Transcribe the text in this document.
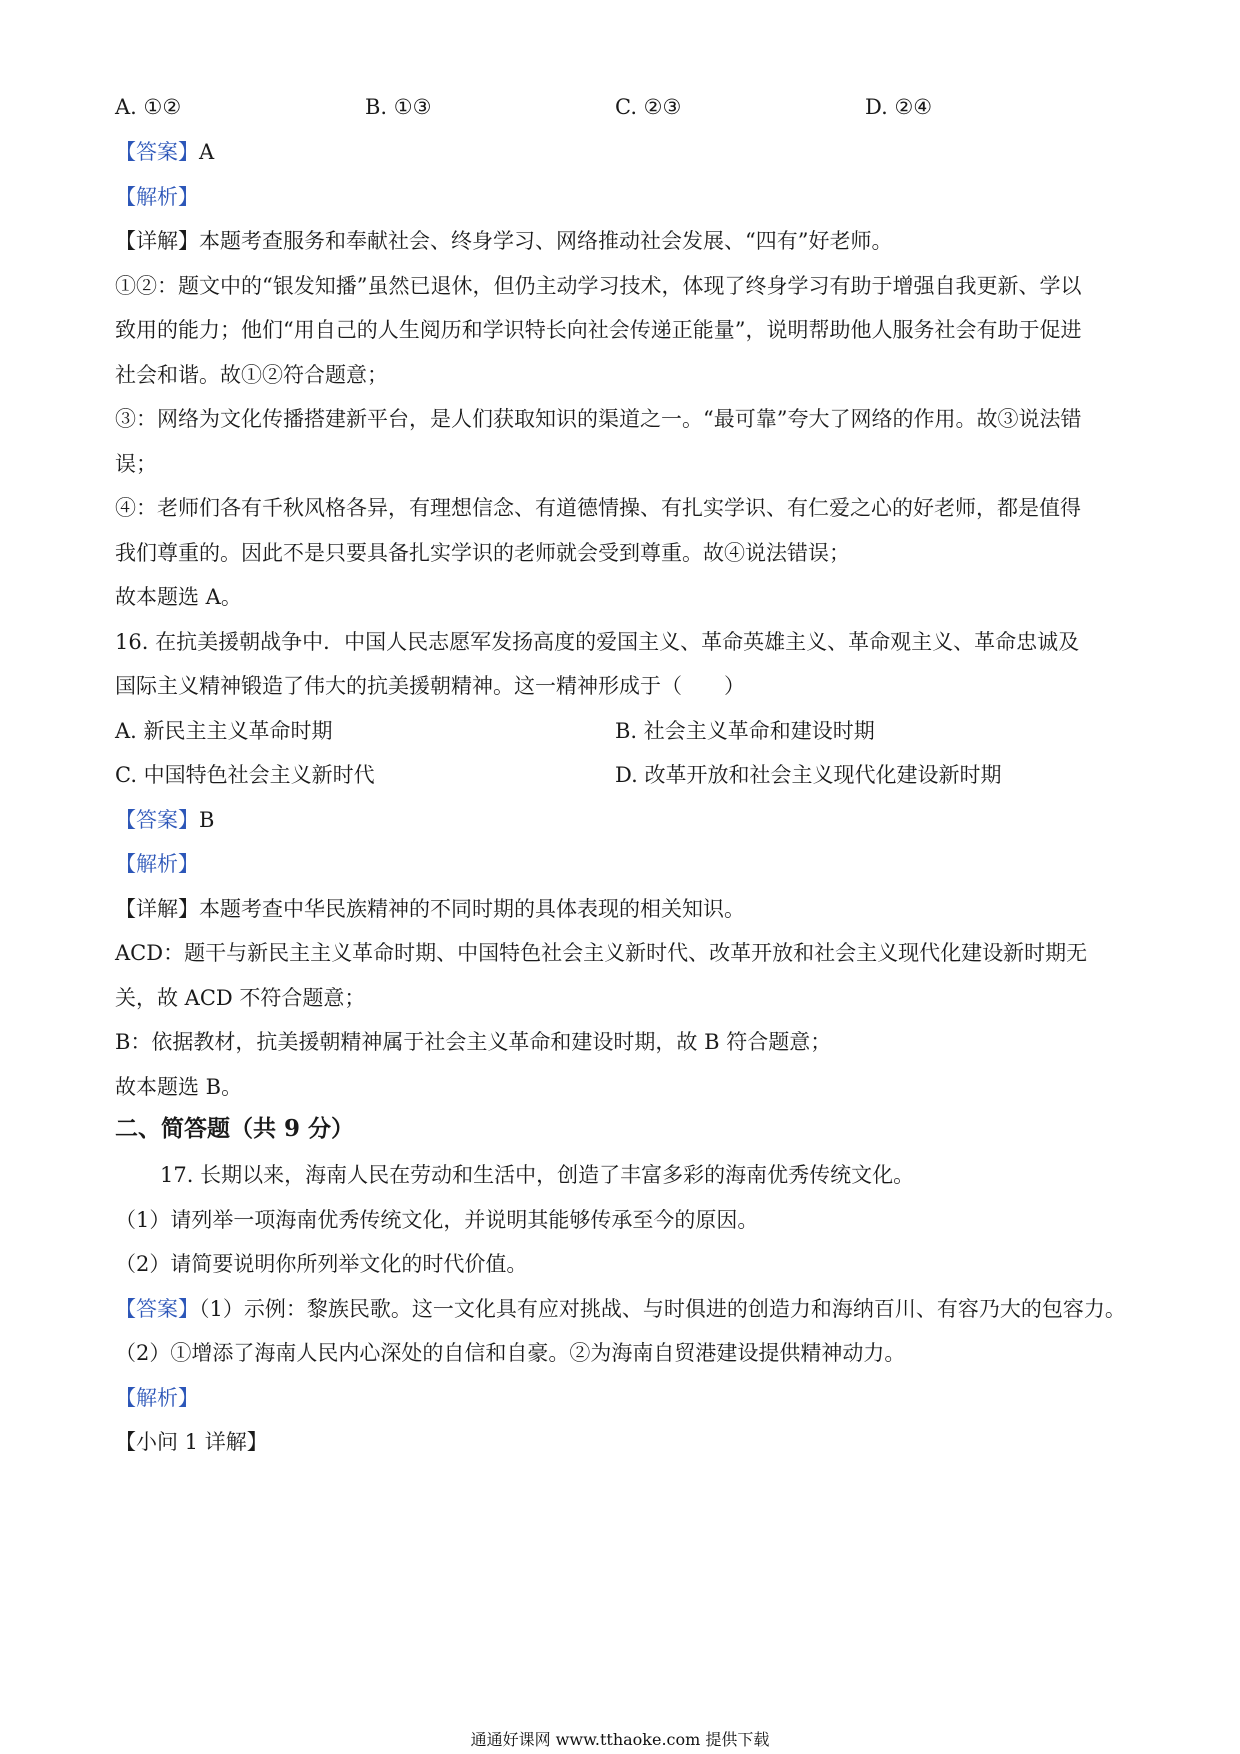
A. ①②	B. ①③	C. ②③	D. ②④
【答案】A
【解析】
【详解】本题考查服务和奉献社会、终身学习、网络推动社会发展、“四有”好老师。
①②：题文中的“银发知播”虽然已退休，但仍主动学习技术，体现了终身学习有助于增强自我更新、学以
致用的能力；他们“用自己的人生阅历和学识特长向社会传递正能量”，说明帮助他人服务社会有助于促进
社会和谐。故①②符合题意；
③：网络为文化传播搭建新平台，是人们获取知识的渠道之一。“最可靠”夸大了网络的作用。故③说法错
误；
④：老师们各有千秋风格各异，有理想信念、有道德情操、有扎实学识、有仁爱之心的好老师，都是值得
我们尊重的。因此不是只要具备扎实学识的老师就会受到尊重。故④说法错误；
故本题选 A。
16. 在抗美援朝战争中．中国人民志愿军发扬高度的爱国主义、革命英雄主义、革命观主义、革命忠诚及
国际主义精神锻造了伟大的抗美援朝精神。这一精神形成于（　　）
A. 新民主主义革命时期	B. 社会主义革命和建设时期
C. 中国特色社会主义新时代	D. 改革开放和社会主义现代化建设新时期
【答案】B
【解析】
【详解】本题考查中华民族精神的不同时期的具体表现的相关知识。
ACD：题干与新民主主义革命时期、中国特色社会主义新时代、改革开放和社会主义现代化建设新时期无
关，故 ACD 不符合题意；
B：依据教材，抗美援朝精神属于社会主义革命和建设时期，故 B 符合题意；
故本题选 B。
二、简答题（共 9 分）
17. 长期以来，海南人民在劳动和生活中，创造了丰富多彩的海南优秀传统文化。
（1）请列举一项海南优秀传统文化，并说明其能够传承至今的原因。
（2）请简要说明你所列举文化的时代价值。
【答案】（1）示例：黎族民歌。这一文化具有应对挑战、与时俱进的创造力和海纳百川、有容乃大的包容力。
（2）①增添了海南人民内心深处的自信和自豪。②为海南自贸港建设提供精神动力。
【解析】
【小问 1 详解】
通通好课网 www.tthaoke.com 提供下载
